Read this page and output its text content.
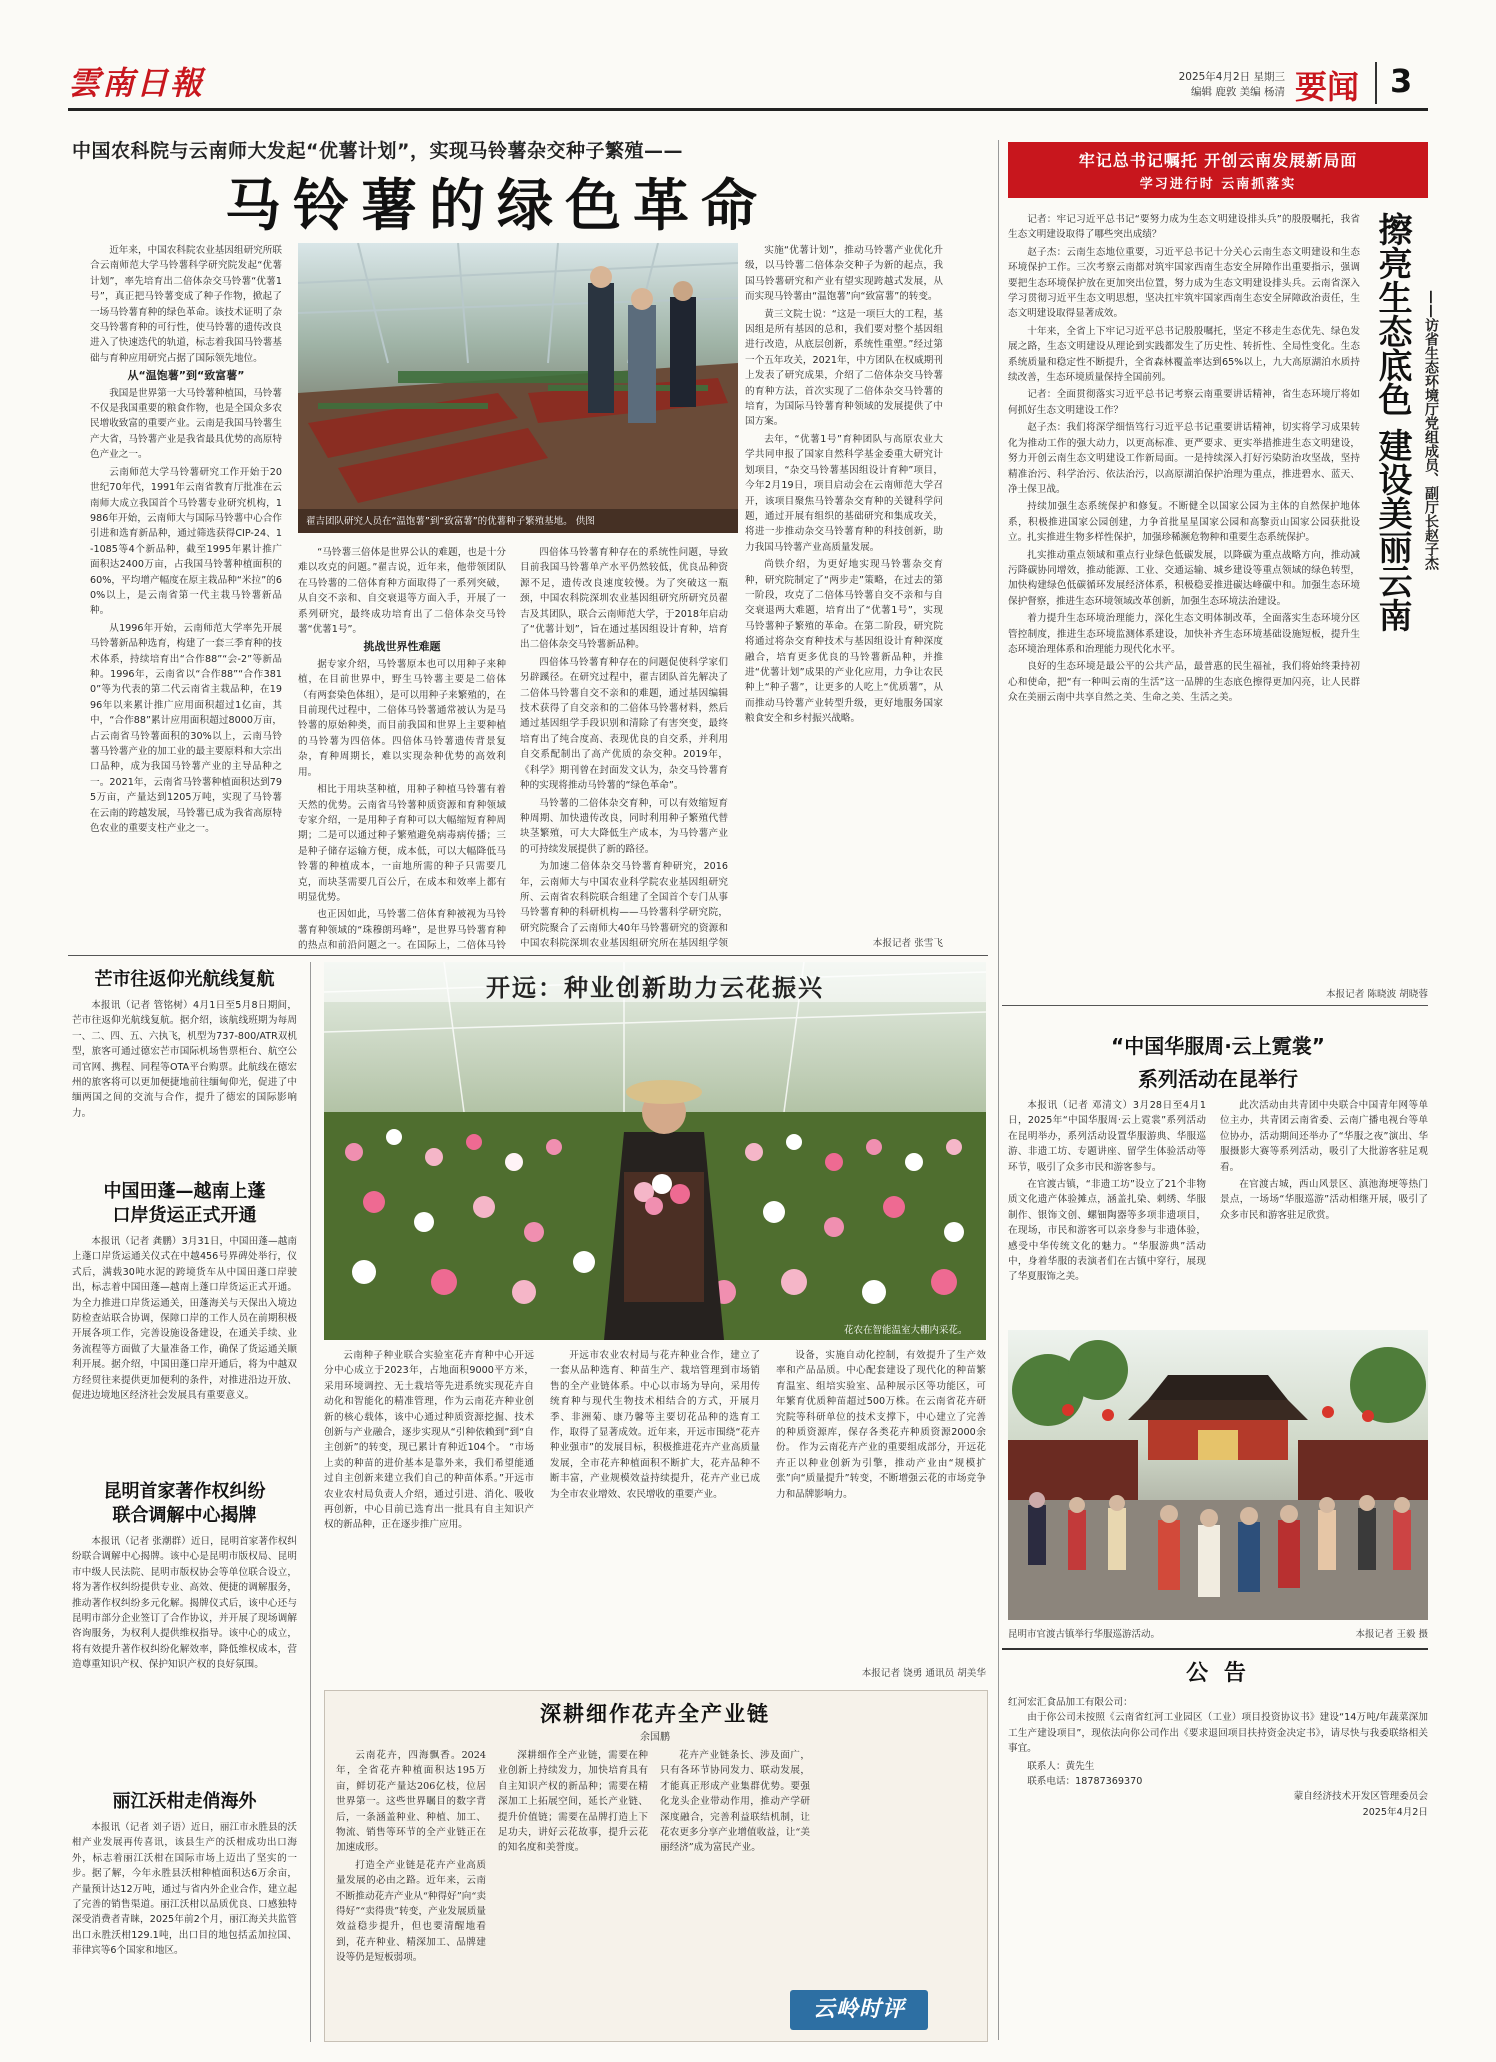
雲南日報	2025年4月2日 星期三
编辑 鹿敦 美编 杨清 要闻 3
中国农科院与云南师大发起“优薯计划”，实现马铃薯杂交种子繁殖——
马铃薯的绿色革命

近年来，中国农科院农业基因组研究所联合云南师范大学马铃薯科学研究院发起“优薯计划”，率先培育出二倍体杂交马铃薯“优薯1号”，真正把马铃薯变成了种子作物，掀起了一场马铃薯育种的绿色革命。该技术证明了杂交马铃薯育种的可行性，使马铃薯的遗传改良进入了快速迭代的轨道，标志着我国马铃薯基础与育种应用研究占据了国际领先地位。

从“温饱薯”到“致富薯”

我国是世界第一大马铃薯种植国，马铃薯不仅是我国重要的粮食作物，也是全国众多农民增收致富的重要产业。云南是我国马铃薯生产大省，马铃薯产业是我省最具优势的高原特色产业之一。

云南师范大学马铃薯研究工作开始于20世纪70年代，1991年云南省教育厅批准在云南师大成立我国首个马铃薯专业研究机构，1986年开始，云南师大与国际马铃薯中心合作引进和选育新品种，通过筛选获得CIP-24、1-1085等4个新品种，截至1995年累计推广面积达2400万亩，占我国马铃薯种植面积的60%，平均增产幅度在原主栽品种“米拉”的60%以上，是云南省第一代主栽马铃薯新品种。

从1996年开始，云南师范大学率先开展马铃薯新品种选育，构建了一套三季育种的技术体系，持续培育出“合作88”“会-2”等新品种。1996年，云南省以“合作88”“合作3810”等为代表的第二代云南省主栽品种，在1996年以来累计推广应用面积超过1亿亩，其中，“合作88”累计应用面积超过8000万亩，占云南省马铃薯面积的30%以上，云南马铃薯马铃薯产业的加工业的最主要原料和大宗出口品种，成为我国马铃薯产业的主导品种之一。2021年，云南省马铃薯种植面积达到795万亩，产量达到1205万吨，实现了马铃薯在云南的跨越发展，马铃薯已成为我省高原特色农业的重要支柱产业之一。

翟吉团队研究人员在“温饱薯”到“致富薯”的优薯种子繁殖基地。 供图

“马铃薯三倍体是世界公认的难题，也是十分难以攻克的问题。”翟吉说，近年来，他带领团队在马铃薯的二倍体育种方面取得了一系列突破，从自交不亲和、自交衰退等方面入手，开展了一系列研究，最终成功培育出了二倍体杂交马铃薯“优薯1号”。

挑战世界性难题

据专家介绍，马铃薯原本也可以用种子来种植，在目前世界中，野生马铃薯主要是二倍体（有两套染色体组），是可以用种子来繁殖的，在目前现代过程中，二倍体马铃薯通常被认为是马铃薯的原始种类，而目前我国和世界上主要种植的马铃薯为四倍体。四倍体马铃薯遗传背景复杂，育种周期长，难以实现杂种优势的高效利用。

相比于用块茎种植，用种子种植马铃薯有着天然的优势。云南省马铃薯种质资源和育种领域专家介绍，一是用种子育种可以大幅缩短育种周期；二是可以通过种子繁殖避免病毒病传播；三是种子储存运输方便，成本低，可以大幅降低马铃薯的种植成本，一亩地所需的种子只需要几克，而块茎需要几百公斤，在成本和效率上都有明显优势。

也正因如此，马铃薯二倍体育种被视为马铃薯育种领域的“珠穆朗玛峰”，是世界马铃薯育种的热点和前沿问题之一。在国际上，二倍体马铃

四倍体马铃薯育种存在的系统性问题，导致目前我国马铃薯单产水平仍然较低，优良品种资源不足，遗传改良速度较慢。为了突破这一瓶颈，中国农科院深圳农业基因组研究所研究员翟吉及其团队，联合云南师范大学，于2018年启动了“优薯计划”，旨在通过基因组设计育种，培育出二倍体杂交马铃薯新品种。

四倍体马铃薯育种存在的问题促使科学家们另辟蹊径。在研究过程中，翟吉团队首先解决了二倍体马铃薯自交不亲和的难题，通过基因编辑技术获得了自交亲和的二倍体马铃薯材料，然后通过基因组学手段识别和清除了有害突变，最终培育出了纯合度高、表现优良的自交系，并利用自交系配制出了高产优质的杂交种。2019年，《科学》期刊曾在封面发文认为，杂交马铃薯育种的实现将推动马铃薯的“绿色革命”。

马铃薯的二倍体杂交育种，可以有效缩短育种周期、加快遗传改良，同时利用种子繁殖代替块茎繁殖，可大大降低生产成本，为马铃薯产业的可持续发展提供了新的路径。

为加速二倍体杂交马铃薯育种研究，2016年，云南师大与中国农业科学院农业基因组研究所、云南省农科院联合组建了全国首个专门从事马铃薯育种的科研机构——马铃薯科学研究院，研究院聚合了云南师大40年马铃薯研究的资源和中国农科院深圳农业基因组研究所在基因组学领

实施“优薯计划”，推动马铃薯产业优化升级，以马铃薯二倍体杂交种子为新的起点，我国马铃薯研究和产业有望实现跨越式发展，从而实现马铃薯由“温饱薯”向“致富薯”的转变。

黄三文院士说：“这是一项巨大的工程，基因组是所有基因的总和，我们要对整个基因组进行改造，从底层创新，系统性重塑。”经过第一个五年攻关，2021年，中方团队在权威期刊上发表了研究成果，介绍了二倍体杂交马铃薯的育种方法，首次实现了二倍体杂交马铃薯的培育，为国际马铃薯育种领域的发展提供了中国方案。

去年，“优薯1号”育种团队与高原农业大学共同申报了国家自然科学基金委重大研究计划项目，“杂交马铃薯基因组设计育种”项目，今年2月19日，项目启动会在云南师范大学召开，该项目聚焦马铃薯杂交育种的关键科学问题，通过开展有组织的基础研究和集成攻关，将进一步推动杂交马铃薯育种的科技创新，助力我国马铃薯产业高质量发展。

尚铁介绍，为更好地实现马铃薯杂交育种，研究院制定了“两步走”策略，在过去的第一阶段，攻克了二倍体马铃薯自交不亲和与自交衰退两大难题，培育出了“优薯1号”，实现马铃薯种子繁殖的革命。在第二阶段，研究院将通过将杂交育种技术与基因组设计育种深度融合，培育更多优良的马铃薯新品种，并推进“优薯计划”成果的产业化应用，力争让农民种上“种子薯”，让更多的人吃上“优质薯”，从而推动马铃薯产业转型升级，更好地服务国家粮食安全和乡村振兴战略。

本报记者 张雪飞
牢记总书记嘱托 开创云南发展新局面
学习进行时 云南抓落实

记者：牢记习近平总书记“要努力成为生态文明建设排头兵”的殷殷嘱托，我省生态文明建设取得了哪些突出成绩？

赵子杰：云南生态地位重要，习近平总书记十分关心云南生态文明建设和生态环境保护工作。三次考察云南都对筑牢国家西南生态安全屏障作出重要指示，强调要把生态环境保护放在更加突出位置，努力成为生态文明建设排头兵。云南省深入学习贯彻习近平生态文明思想，坚决扛牢筑牢国家西南生态安全屏障政治责任，生态文明建设取得显著成效。

十年来，全省上下牢记习近平总书记殷殷嘱托，坚定不移走生态优先、绿色发展之路，生态文明建设从理论到实践都发生了历史性、转折性、全局性变化。生态系统质量和稳定性不断提升，全省森林覆盖率达到65%以上，九大高原湖泊水质持续改善，生态环境质量保持全国前列。

记者：全面贯彻落实习近平总书记考察云南重要讲话精神，省生态环境厅将如何抓好生态文明建设工作？

赵子杰：我们将深学细悟笃行习近平总书记重要讲话精神，切实将学习成果转化为推动工作的强大动力，以更高标准、更严要求、更实举措推进生态文明建设，努力开创云南生态文明建设工作新局面。一是持续深入打好污染防治攻坚战，坚持精准治污、科学治污、依法治污，以高原湖泊保护治理为重点，推进碧水、蓝天、净土保卫战。

持续加强生态系统保护和修复。不断健全以国家公园为主体的自然保护地体系，积极推进国家公园创建，力争首批星星国家公园和高黎贡山国家公园获批设立。扎实推进生物多样性保护，加强珍稀濒危物种和重要生态系统保护。

扎实推动重点领域和重点行业绿色低碳发展，以降碳为重点战略方向，推动减污降碳协同增效，推动能源、工业、交通运输、城乡建设等重点领域的绿色转型，加快构建绿色低碳循环发展经济体系，积极稳妥推进碳达峰碳中和。加强生态环境保护督察，推进生态环境领域改革创新，加强生态环境法治建设。

着力提升生态环境治理能力，深化生态文明体制改革，全面落实生态环境分区管控制度，推进生态环境监测体系建设，加快补齐生态环境基础设施短板，提升生态环境治理体系和治理能力现代化水平。

良好的生态环境是最公平的公共产品，最普惠的民生福祉，我们将始终秉持初心和使命，把“有一种叫云南的生活”这一品牌的生态底色擦得更加闪亮，让人民群众在美丽云南中共享自然之美、生命之美、生活之美。

擦亮生态底色 建设美丽云南 ——访省生态环境厅党组成员、副厅长赵子杰
本报记者 陈晓波 胡晓蓉
芒市往返仰光航线复航

本报讯（记者 管铭树）4月1日至5月8日期间，芒市往返仰光航线复航。据介绍，该航线班期为每周一、二、四、五、六执飞，机型为737-800/ATR双机型，旅客可通过德宏芒市国际机场售票柜台、航空公司官网、携程、同程等OTA平台购票。此航线在德宏州的旅客将可以更加便捷地前往缅甸仰光，促进了中缅两国之间的交流与合作，提升了德宏的国际影响力。

中国田蓬—越南上蓬
口岸货运正式开通

本报讯（记者 龚鹏）3月31日，中国田蓬—越南上蓬口岸货运通关仪式在中越456号界碑处举行，仪式后，满载30吨水泥的跨境货车从中国田蓬口岸驶出，标志着中国田蓬—越南上蓬口岸货运正式开通。为全力推进口岸货运通关，田蓬海关与天保出入境边防检查站联合协调，保障口岸的工作人员在前期积极开展各项工作，完善设施设备建设，在通关手续、业务流程等方面做了大量准备工作，确保了货运通关顺利开展。据介绍，中国田蓬口岸开通后，将为中越双方经贸往来提供更加便利的条件，对推进沿边开放、促进边境地区经济社会发展具有重要意义。

昆明首家著作权纠纷
联合调解中心揭牌

本报讯（记者 张潮群）近日，昆明首家著作权纠纷联合调解中心揭牌。该中心是昆明市版权局、昆明市中级人民法院、昆明市版权协会等单位联合设立，将为著作权纠纷提供专业、高效、便捷的调解服务，推动著作权纠纷多元化解。揭牌仪式后，该中心还与昆明市部分企业签订了合作协议，并开展了现场调解咨询服务，为权利人提供维权指导。该中心的成立，将有效提升著作权纠纷化解效率，降低维权成本，营造尊重知识产权、保护知识产权的良好氛围。

丽江沃柑走俏海外

本报讯（记者 刘子语）近日，丽江市永胜县的沃柑产业发展再传喜讯，该县生产的沃柑成功出口海外，标志着丽江沃柑在国际市场上迈出了坚实的一步。据了解，今年永胜县沃柑种植面积达6万余亩，产量预计达12万吨，通过与省内外企业合作，建立起了完善的销售渠道。丽江沃柑以品质优良、口感独特深受消费者青睐，2025年前2个月，丽江海关共监管出口永胜沃柑129.1吨，出口目的地包括孟加拉国、菲律宾等6个国家和地区。

开远：种业创新助力云花振兴
花农在智能温室大棚内采花。

云南种子种业联合实验室花卉育种中心开远分中心成立于2023年，占地面积9000平方米，采用环境调控、无土栽培等先进系统实现花卉自动化和智能化的精准管理，作为云南花卉种业创新的核心载体，该中心通过种质资源挖掘、技术创新与产业融合，逐步实现从“引种依赖到”到“自主创新”的转变，现已累计育种近104个。 “市场上卖的种苗的进价基本是靠外来，我们希望能通过自主创新来建立我们自己的种苗体系。”开远市农业农村局负责人介绍，通过引进、消化、吸收再创新，中心目前已选育出一批具有自主知识产权的新品种，正在逐步推广应用。

开远市农业农村局与花卉种业合作，建立了一套从品种选育、种苗生产、栽培管理到市场销售的全产业链体系。中心以市场为导向，采用传统育种与现代生物技术相结合的方式，开展月季、非洲菊、康乃馨等主要切花品种的选育工作，取得了显著成效。近年来，开远市围绕“花卉种业强市”的发展目标，积极推进花卉产业高质量发展，全市花卉种植面积不断扩大，花卉品种不断丰富，产业规模效益持续提升，花卉产业已成为全市农业增效、农民增收的重要产业。

设备，实施自动化控制，有效提升了生产效率和产品品质。中心配套建设了现代化的种苗繁育温室、组培实验室、品种展示区等功能区，可年繁育优质种苗超过500万株。在云南省花卉研究院等科研单位的技术支撑下，中心建立了完善的种质资源库，保存各类花卉种质资源2000余份。 作为云南花卉产业的重要组成部分，开远花卉正以种业创新为引擎，推动产业由“规模扩张”向“质量提升”转变，不断增强云花的市场竞争力和品牌影响力。

本报记者 饶勇 通讯员 胡美华
深耕细作花卉全产业链
余国鹏

云南花卉，四海飘香。2024年，全省花卉种植面积达195万亩，鲜切花产量达206亿枝，位居世界第一。这些世界瞩目的数字背后，一条涵盖种业、种植、加工、物流、销售等环节的全产业链正在加速成形。

打造全产业链是花卉产业高质量发展的必由之路。近年来，云南不断推动花卉产业从“种得好”向“卖得好”“卖得贵”转变，产业发展质量效益稳步提升，但也要清醒地看到，花卉种业、精深加工、品牌建设等仍是短板弱项。

深耕细作全产业链，需要在种业创新上持续发力，加快培育具有自主知识产权的新品种；需要在精深加工上拓展空间，延长产业链、提升价值链；需要在品牌打造上下足功夫，讲好云花故事，提升云花的知名度和美誉度。

花卉产业链条长、涉及面广，只有各环节协同发力、联动发展，才能真正形成产业集群优势。要强化龙头企业带动作用，推动产学研深度融合，完善利益联结机制，让花农更多分享产业增值收益，让“美丽经济”成为富民产业。

云岭时评
“中国华服周·云上霓裳”
系列活动在昆举行

本报讯（记者 邓清文）3月28日至4月1日，2025年“中国华服周·云上霓裳”系列活动在昆明举办，系列活动设置华服游典、华服巡游、非遗工坊、专题讲座、留学生体验活动等环节，吸引了众多市民和游客参与。

在官渡古镇，“非遗工坊”设立了21个非物质文化遗产体验摊点，涵盖扎染、刺绣、华服制作、银饰文创、螺钿陶器等多项非遗项目，在现场，市民和游客可以亲身参与非遗体验，感受中华传统文化的魅力。“华服游典”活动中，身着华服的表演者们在古镇中穿行，展现了华夏服饰之美。

此次活动由共青团中央联合中国青年网等单位主办，共青团云南省委、云南广播电视台等单位协办，活动期间还举办了“华服之夜”演出、华服摄影大赛等系列活动，吸引了大批游客驻足观看。

在官渡古城，西山风景区、滇池海埂等热门景点，一场场“华服巡游”活动相继开展，吸引了众多市民和游客驻足欣赏。

昆明市官渡古镇举行华服巡游活动。	本报记者 王毅 摄
公 告
红河宏汇食品加工有限公司：

由于你公司未按照《云南省红河工业园区（工业）项目投资协议书》建设“14万吨/年蔬菜深加工生产建设项目”，现依法向你公司作出《要求退回项目扶持资金决定书》，请尽快与我委联络相关事宜。

联系人：黄先生
联系电话：18787369370
蒙自经济技术开发区管理委员会
2025年4月2日
